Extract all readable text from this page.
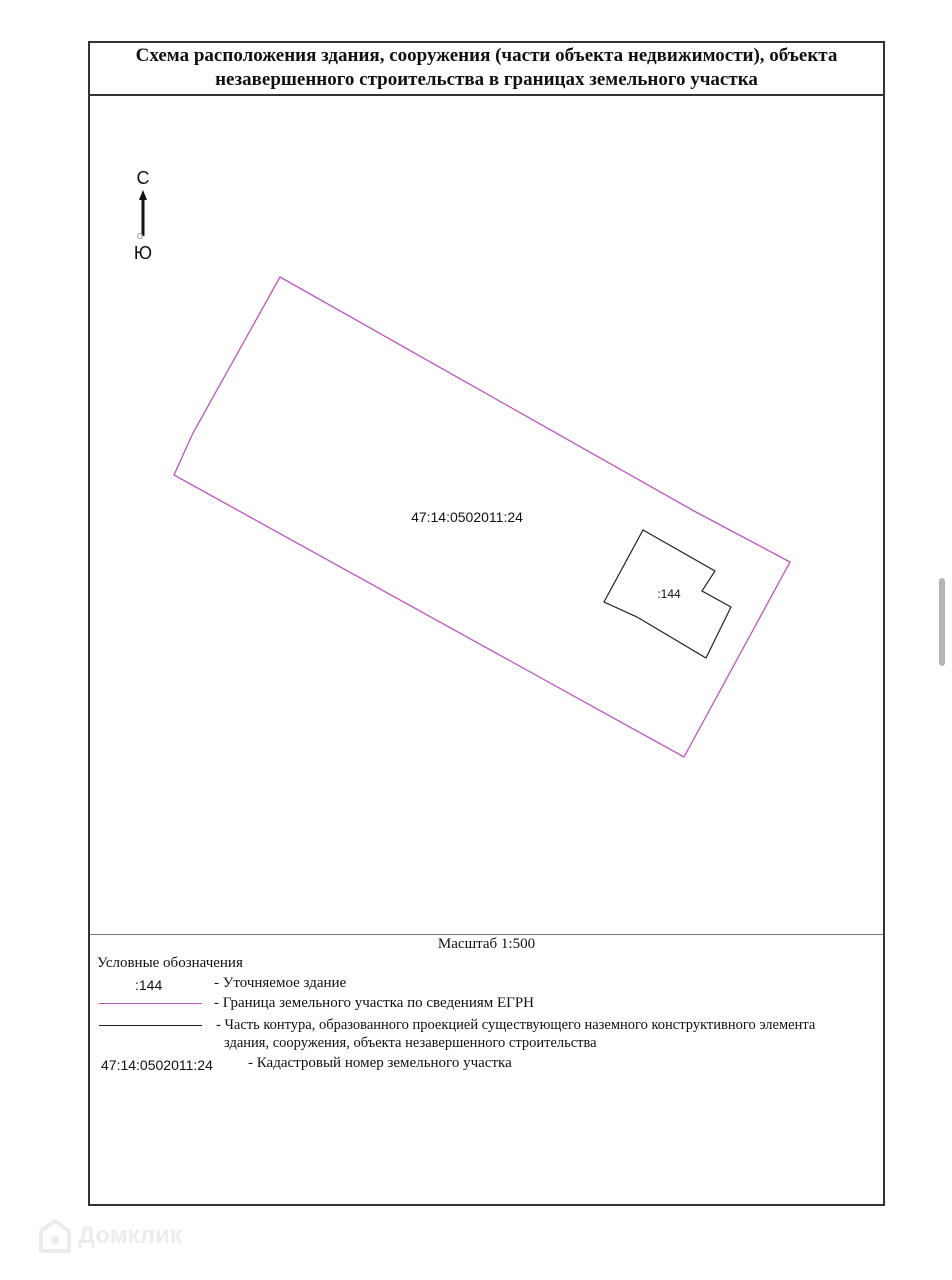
Схема расположения здания, сооружения (части объекта недвижимости), объекта
незавершенного строительства в границах земельного участка
С
Ю
47:14:0502011:24
:144
Масштаб 1:500
Условные обозначения
:144	- Уточняемое здание
- Граница земельного участка по сведениям ЕГРН
- Часть контура, образованного проекцией существующего наземного конструктивного элемента
здания, сооружения, объекта незавершенного строительства
47:14:0502011:24 - Кадастровый номер земельного участка
Домклик
